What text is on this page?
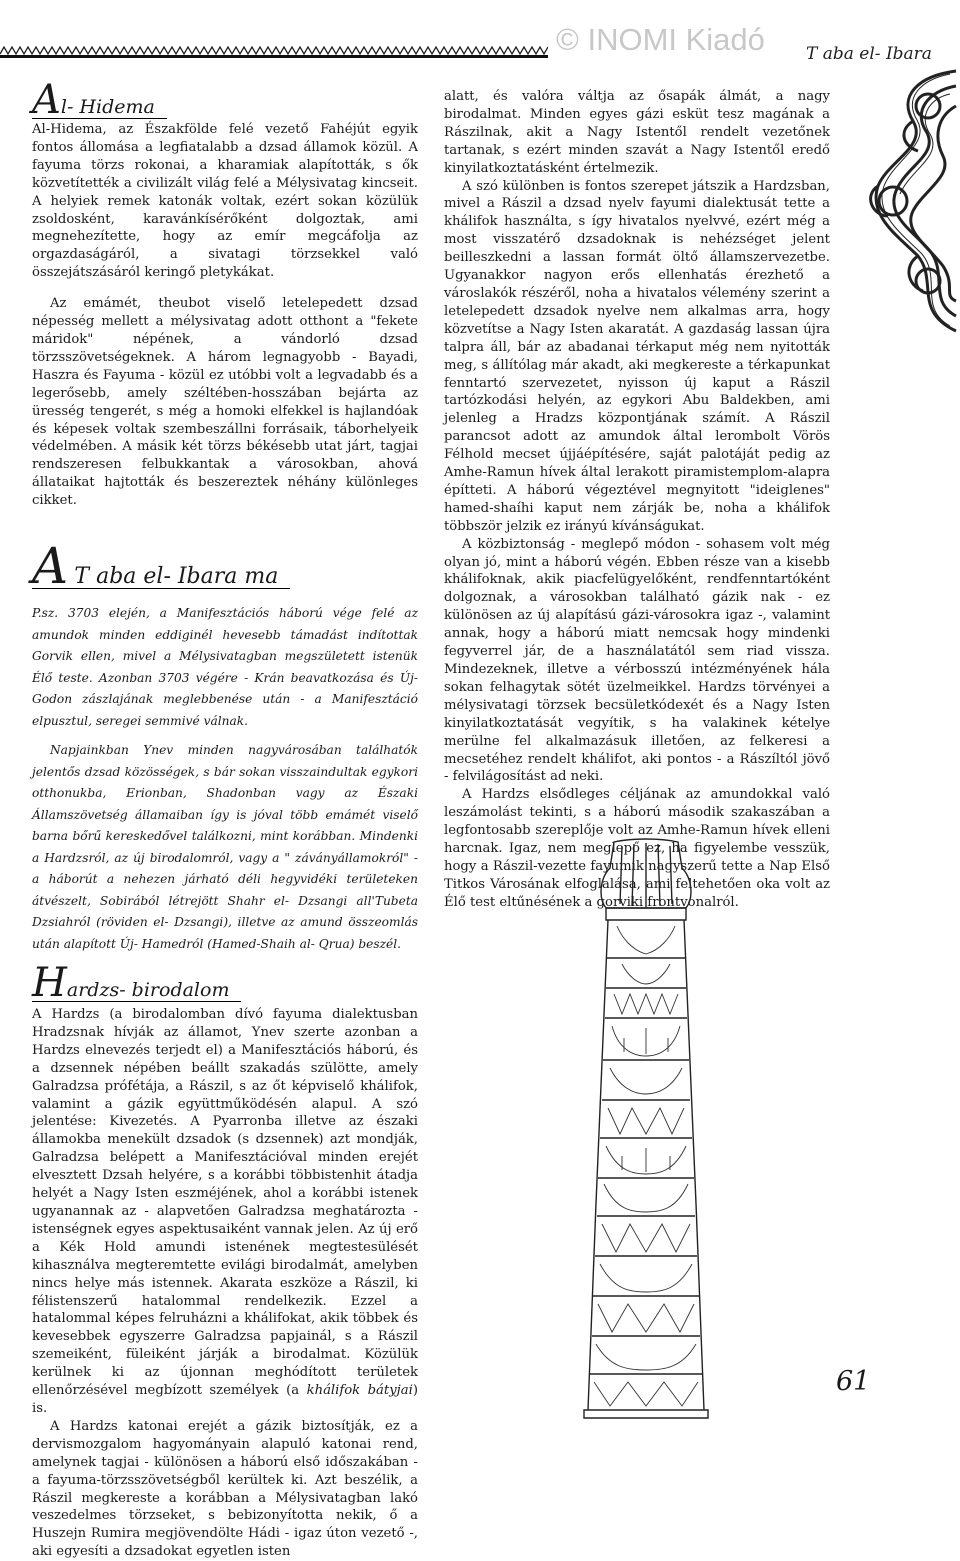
© INOMI Kiadó	T aba el- Ibara
Al- Hidema

Al-Hidema, az Északfölde felé vezető Fahéjút egyik fontos állomása a legfiatalabb a dzsad államok közül. A fayuma törzs rokonai, a kharamiak alapították, s ők közvetítették a civilizált világ felé a Mélysivatag kincseit. A helyiek remek katonák voltak, ezért sokan közülük zsoldosként, karavánkísérőként dolgoztak, ami megnehezítette, hogy az emír megcáfolja az orgazdaságáról, a sivatagi törzsekkel való összejátszásáról keringő pletykákat.

Az emámét, theubot viselő letelepedett dzsad népesség mellett a mélysivatag adott otthont a "fekete máridok" népének, a vándorló dzsad törzsszövetségeknek. A három legnagyobb - Bayadi, Haszra és Fayuma - közül ez utóbbi volt a legvadabb és a legerősebb, amely széltében-hosszában bejárta az üresség tengerét, s még a homoki elfekkel is hajlandóak és képesek voltak szembeszállni forrásaik, táborhelyeik védelmében. A másik két törzs békésebb utat járt, tagjai rendszeresen felbukkantak a városokban, ahová állataikat hajtották és beszereztek néhány különleges cikket.

A T aba el- Ibara ma

P.sz. 3703 elején, a Manifesztációs háború vége felé az amundok minden eddiginél hevesebb támadást indítottak Gorvik ellen, mivel a Mélysivatagban megszületett istenük Élő teste. Azonban 3703 végére - Krán beavatkozása és Új- Godon zászlajának meglebbenése után - a Manifesztáció elpusztul, seregei semmivé válnak.

Napjainkban Ynev minden nagyvárosában találhatók jelentős dzsad közösségek, s bár sokan visszaindultak egykori otthonukba, Erionban, Shadonban vagy az Északi Államszövetség államaiban így is jóval több emámét viselő barna bőrű kereskedővel találkozni, mint korábban. Mindenki a Hardzsról, az új birodalomról, vagy a " záványállamokról" - a háborút a nehezen járható déli hegyvidéki területeken átvészelt, Sobirából létrejött Shahr el- Dzsangi all'Tubeta Dzsiahról (röviden el- Dzsangi), illetve az amund összeomlás után alapított Új- Hamedról (Hamed-Shaih al- Qrua) beszél.

Hardzs- birodalom

A Hardzs (a birodalomban dívó fayuma dialektusban Hradzsnak hívják az államot, Ynev szerte azonban a Hardzs elnevezés terjedt el) a Manifesztációs háború, és a dzsennek népében beállt szakadás szülötte, amely Galradzsa prófétája, a Rászil, s az őt képviselő khálifok, valamint a gázik együttműködésén alapul. A szó jelentése: Kivezetés. A Pyarronba illetve az északi államokba menekült dzsadok (s dzsennek) azt mondják, Galradzsa belépett a Manifesztációval minden erejét elvesztett Dzsah helyére, s a korábbi többistenhit átadja helyét a Nagy Isten eszméjének, ahol a korábbi istenek ugyanannak az - alapvetően Galradzsa meghatározta - istenségnek egyes aspektusaiként vannak jelen. Az új erő a Kék Hold amundi istenének megtestesülését kihasználva megteremtette evilági birodalmát, amelyben nincs helye más istennek. Akarata eszköze a Rászil, ki félistenszerű hatalommal rendelkezik. Ezzel a hatalommal képes felruházni a khálifokat, akik többek és kevesebbek egyszerre Galradzsa papjainál, s a Rászil szemeiként, füleiként járják a birodalmat. Közülük kerülnek ki az újonnan meghódított területek ellenőrzésével megbízott személyek (a khálifok bátyjai) is.

A Hardzs katonai erejét a gázik biztosítják, ez a dervismozgalom hagyományain alapuló katonai rend, amelynek tagjai - különösen a háború első időszakában - a fayuma-törzsszövetségből kerültek ki. Azt beszélik, a Rászil megkereste a korábban a Mélysivatagban lakó veszedelmes törzseket, s bebizonyította nekik, ő a Huszejn Rumira megjövendölte Hádi - igaz úton vezető -, aki egyesíti a dzsadokat egyetlen isten

alatt, és valóra váltja az ősapák álmát, a nagy birodalmat. Minden egyes gázi esküt tesz magának a Rászilnak, akit a Nagy Istentől rendelt vezetőnek tartanak, s ezért minden szavát a Nagy Istentől eredő kinyilatkoztatásként értelmezik.

A szó különben is fontos szerepet játszik a Hardzsban, mivel a Rászil a dzsad nyelv fayumi dialektusát tette a khálifok használta, s így hivatalos nyelvvé, ezért még a most visszatérő dzsadoknak is nehézséget jelent beilleszkedni a lassan formát öltő államszervezetbe. Ugyanakkor nagyon erős ellenhatás érezhető a városlakók részéről, noha a hivatalos vélemény szerint a letelepedett dzsadok nyelve nem alkalmas arra, hogy közvetítse a Nagy Isten akaratát. A gazdaság lassan újra talpra áll, bár az abadanai térkaput még nem nyitották meg, s állítólag már akadt, aki megkereste a térkapunkat fenntartó szervezetet, nyisson új kaput a Rászil tartózkodási helyén, az egykori Abu Baldekben, ami jelenleg a Hradzs központjának számít. A Rászil parancsot adott az amundok által lerombolt Vörös Félhold mecset újjáépítésére, saját palotáját pedig az Amhe-Ramun hívek által lerakott piramistemplom-alapra építteti. A háború végeztével megnyitott "ideiglenes" hamed-shaíhi kaput nem zárják be, noha a khálifok többször jelzik ez irányú kívánságukat.

A közbiztonság - meglepő módon - sohasem volt még olyan jó, mint a háború végén. Ebben része van a kisebb khálifoknak, akik piacfelügyelőként, rendfenntartóként dolgoznak, a városokban található gázik nak - ez különösen az új alapítású gázi-városokra igaz -, valamint annak, hogy a háború miatt nemcsak hogy mindenki fegyverrel jár, de a használatától sem riad vissza. Mindezeknek, illetve a vérbosszú intézményének hála sokan felhagytak sötét üzelmeikkel. Hardzs törvényei a mélysivatagi törzsek becsületkódexét és a Nagy Isten kinyilatkoztatását vegyítik, s ha valakinek kételye merülne fel alkalmazásuk illetően, az felkeresi a mecsetéhez rendelt khálifot, aki pontos - a Rászíltól jövő - felvilágosítást ad neki.

A Hardzs elsődleges céljának az amundokkal való leszámolást tekinti, s a háború második szakaszában a legfontosabb szereplője volt az Amhe-Ramun hívek elleni harcnak. Igaz, nem meglepő ez, ha figyelembe vesszük, hogy a Rászil-vezette fayumik nagyszerű tette a Nap Első Titkos Városának elfoglalása, ami feltehetően oka volt az Élő test eltűnésének a gorviki frontvonalról.

61
